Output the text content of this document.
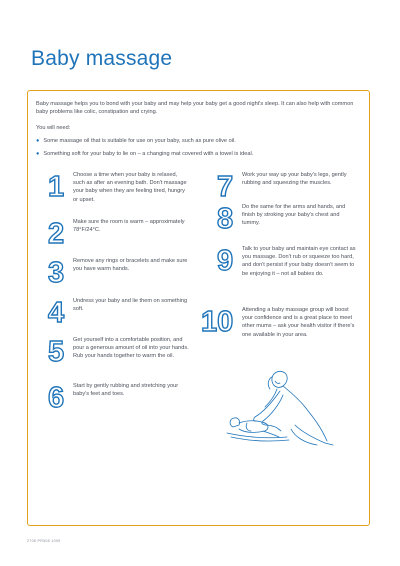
Baby massage
Baby massage helps you to bond with your baby and may help your baby get a good night's sleep. It can also help with common baby problems like colic, constipation and crying.
You will need:
● Some massage oil that is suitable for use on your baby, such as pure olive oil.
● Something soft for your baby to lie on – a changing mat covered with a towel is ideal.
1 Choose a time when your baby is relaxed, such as after an evening bath. Don't massage your baby when they are feeling tired, hungry or upset.
2 Make sure the room is warm – approximately 78°F/24°C.
3 Remove any rings or bracelets and make sure you have warm hands.
4 Undress your baby and lie them on something soft.
5 Get yourself into a comfortable position, and pour a generous amount of oil into your hands. Rub your hands together to warm the oil.
6 Start by gently rubbing and stretching your baby's feet and toes.
7 Work your way up your baby's legs, gently rubbing and squeezing the muscles.
8 Do the same for the arms and hands, and finish by stroking your baby's chest and tummy.
9 Talk to your baby and maintain eye contact as you massage. Don't rub or squeeze too hard, and don't persist if your baby doesn't seem to be enjoying it – not all babies do.
10 Attending a baby massage group will boost your confidence and is a great place to meet other mums – ask your health visitor if there's one available in your area.
2706 PR508 1009
